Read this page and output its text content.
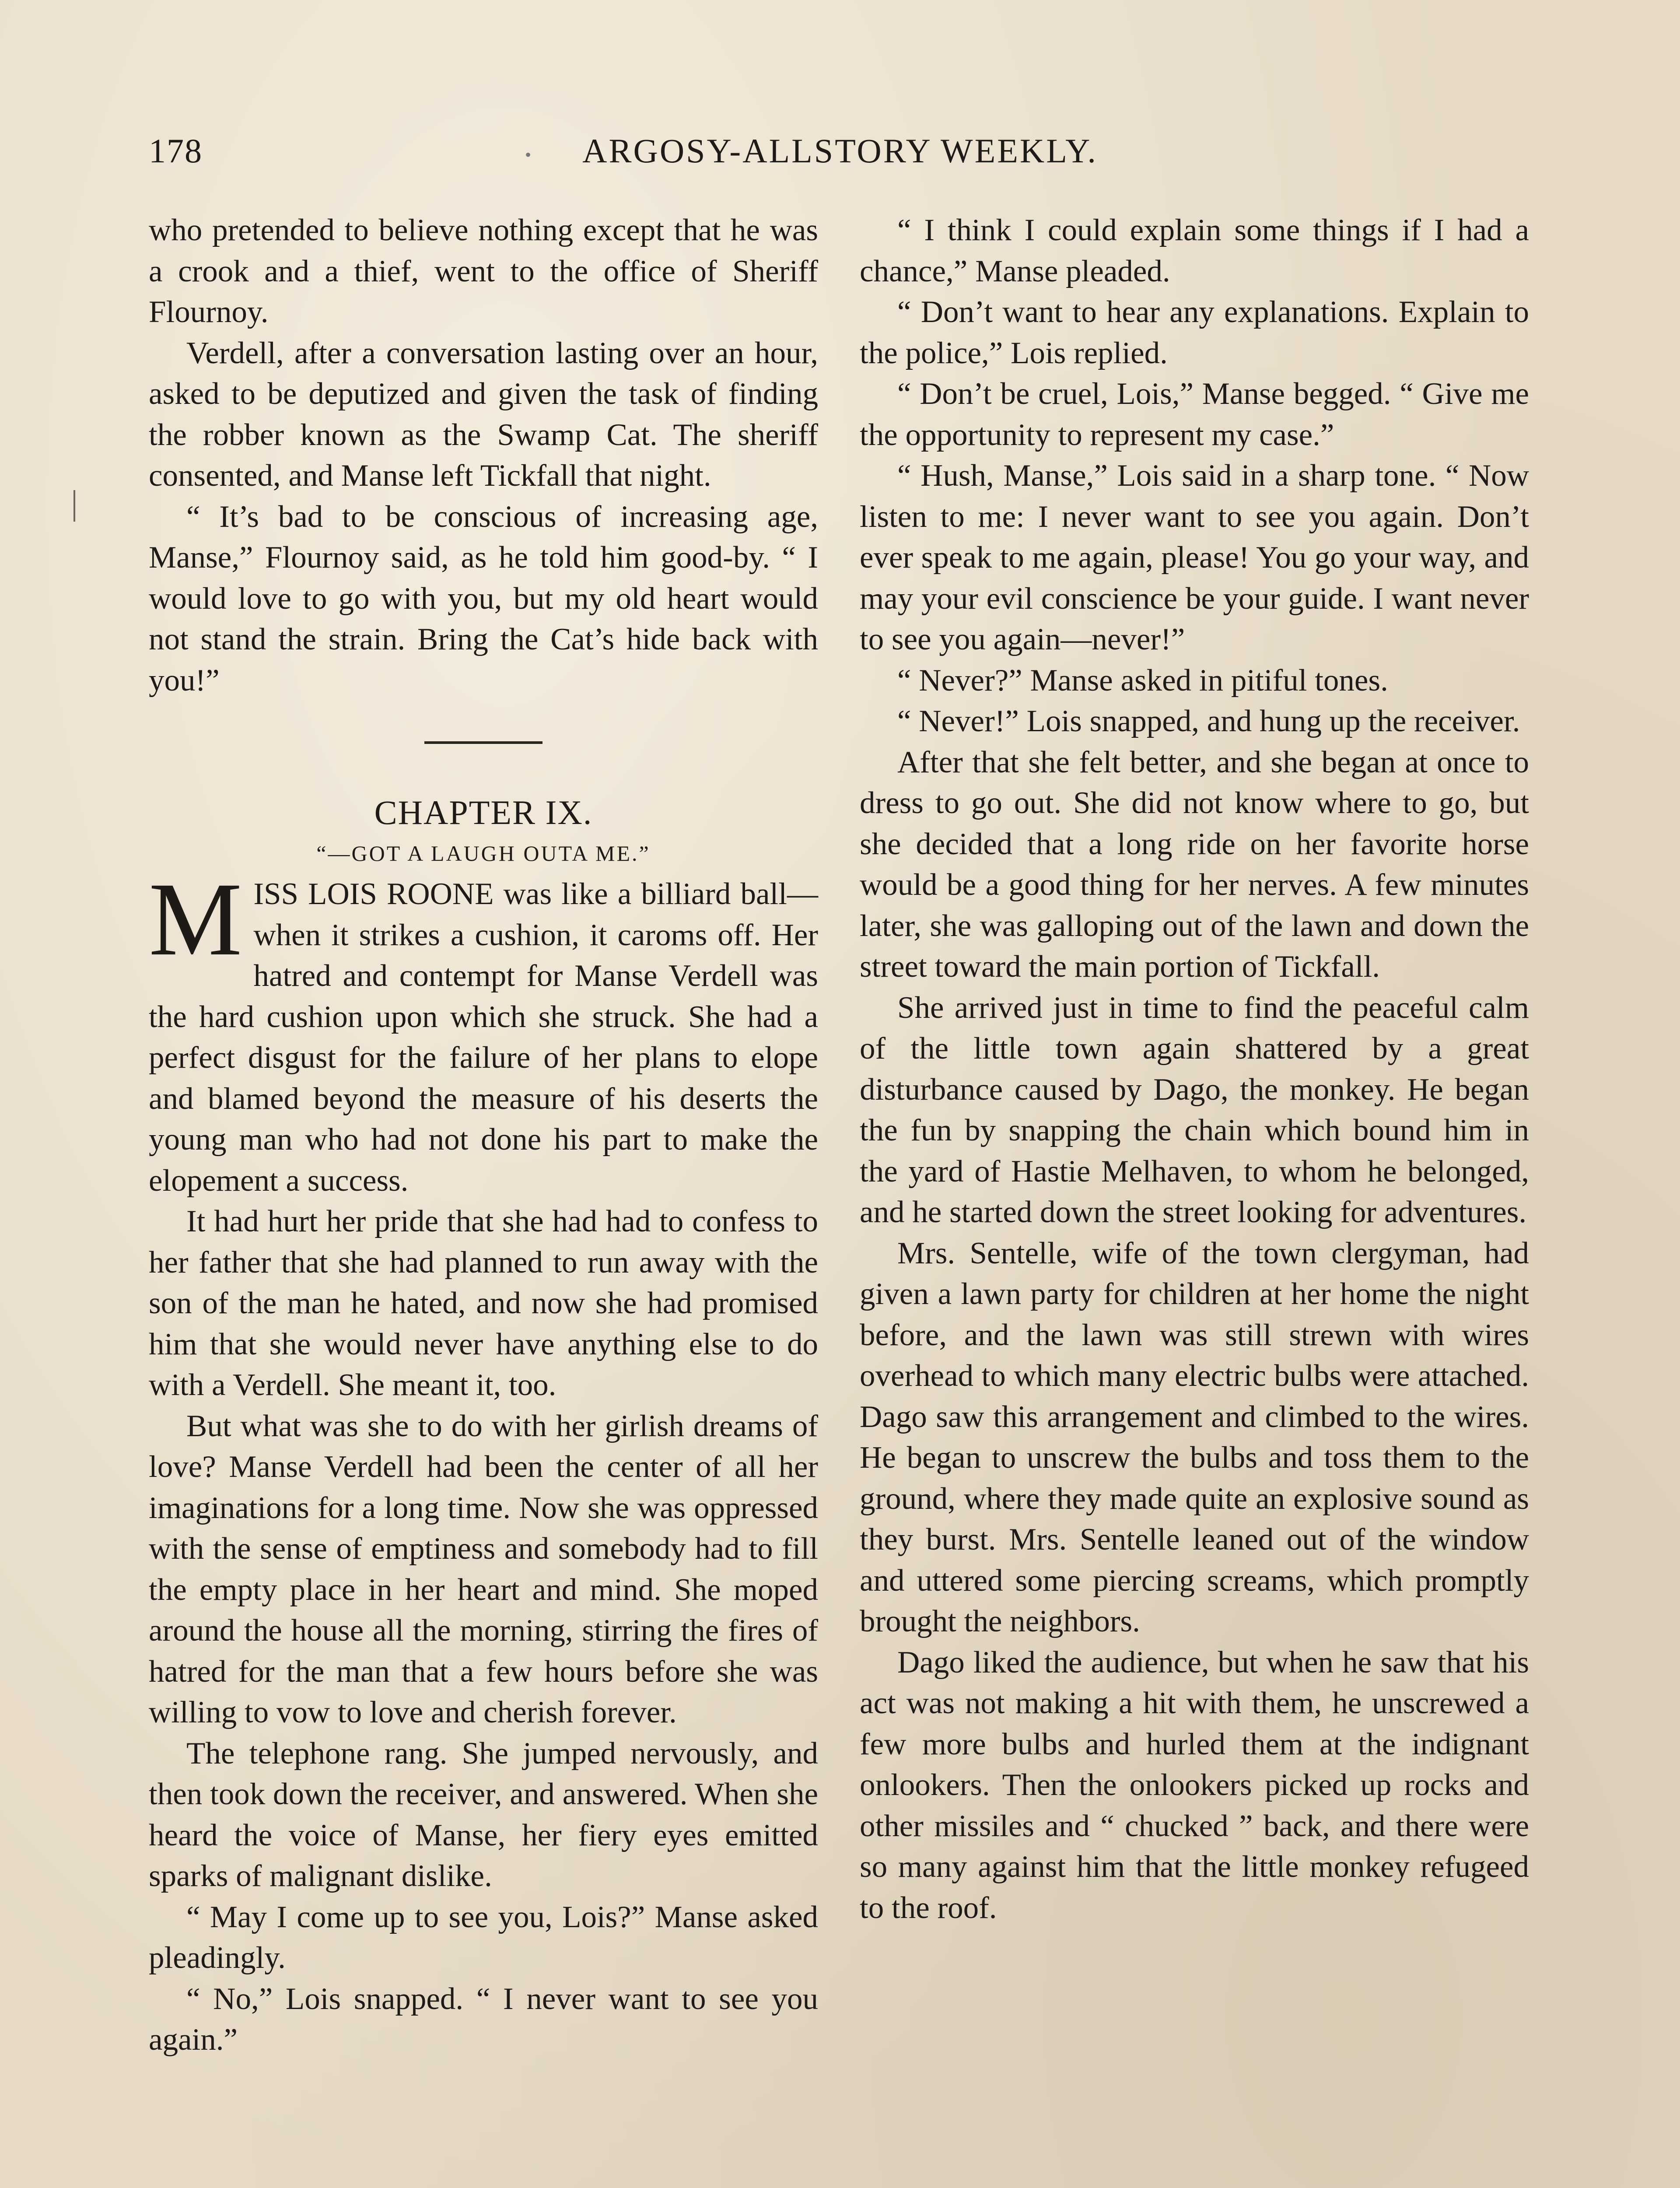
178	•	ARGOSY-ALLSTORY WEEKLY.

who pretended to believe nothing except that he was a crook and a thief, went to the office of Sheriff Flournoy.

Verdell, after a conversation lasting over an hour, asked to be deputized and given the task of finding the robber known as the Swamp Cat. The sheriff consented, and Manse left Tickfall that night.

“ It’s bad to be conscious of increasing age, Manse,” Flournoy said, as he told him good-by. “ I would love to go with you, but my old heart would not stand the strain. Bring the Cat’s hide back with you!”

CHAPTER IX.

“—GOT A LAUGH OUTA ME.”

MISS LOIS ROONE was like a billiard ball—when it strikes a cushion, it caroms off. Her hatred and contempt for Manse Verdell was the hard cushion upon which she struck. She had a perfect disgust for the failure of her plans to elope and blamed beyond the measure of his deserts the young man who had not done his part to make the elopement a success.

It had hurt her pride that she had had to confess to her father that she had planned to run away with the son of the man he hated, and now she had promised him that she would never have anything else to do with a Verdell. She meant it, too.

But what was she to do with her girlish dreams of love? Manse Verdell had been the center of all her imaginations for a long time. Now she was oppressed with the sense of emptiness and somebody had to fill the empty place in her heart and mind. She moped around the house all the morning, stirring the fires of hatred for the man that a few hours before she was willing to vow to love and cherish forever.

The telephone rang. She jumped nervously, and then took down the receiver, and answered. When she heard the voice of Manse, her fiery eyes emitted sparks of malignant dislike.

“ May I come up to see you, Lois?” Manse asked pleadingly.

“ No,” Lois snapped. “ I never want to see you again.”

“ I think I could explain some things if I had a chance,” Manse pleaded.

“ Don’t want to hear any explanations. Explain to the police,” Lois replied.

“ Don’t be cruel, Lois,” Manse begged. “ Give me the opportunity to represent my case.”

“ Hush, Manse,” Lois said in a sharp tone. “ Now listen to me: I never want to see you again. Don’t ever speak to me again, please! You go your way, and may your evil conscience be your guide. I want never to see you again—never!”

“ Never?” Manse asked in pitiful tones.

“ Never!” Lois snapped, and hung up the receiver.

After that she felt better, and she began at once to dress to go out. She did not know where to go, but she decided that a long ride on her favorite horse would be a good thing for her nerves. A few minutes later, she was galloping out of the lawn and down the street toward the main portion of Tickfall.

She arrived just in time to find the peaceful calm of the little town again shattered by a great disturbance caused by Dago, the monkey. He began the fun by snapping the chain which bound him in the yard of Hastie Melhaven, to whom he belonged, and he started down the street looking for adventures.

Mrs. Sentelle, wife of the town clergyman, had given a lawn party for children at her home the night before, and the lawn was still strewn with wires overhead to which many electric bulbs were attached. Dago saw this arrangement and climbed to the wires. He began to unscrew the bulbs and toss them to the ground, where they made quite an explosive sound as they burst. Mrs. Sentelle leaned out of the window and uttered some piercing screams, which promptly brought the neighbors.

Dago liked the audience, but when he saw that his act was not making a hit with them, he unscrewed a few more bulbs and hurled them at the indignant onlookers. Then the onlookers picked up rocks and other missiles and “ chucked ” back, and there were so many against him that the little monkey refugeed to the roof.
